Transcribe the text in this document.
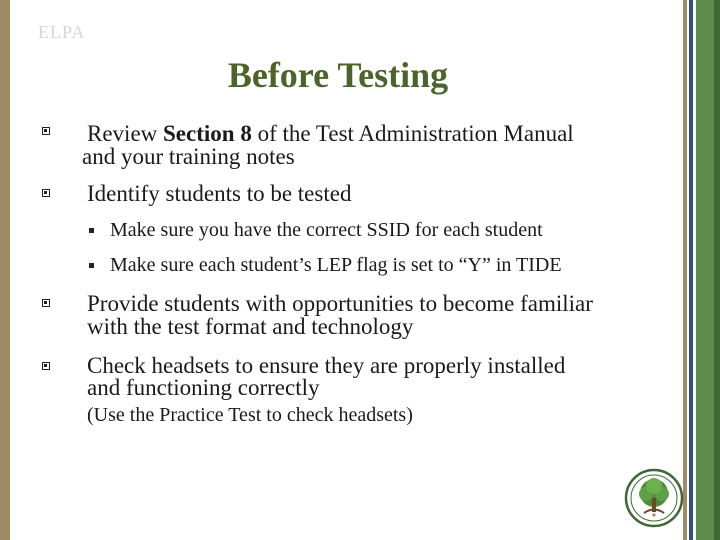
ELPA
Before Testing
Review Section 8 of the Test Administration Manual
and your training notes
Identify students to be tested
Make sure you have the correct SSID for each student
Make sure each student’s LEP flag is set to “Y” in TIDE
Provide students with opportunities to become familiar
with the test format and technology
Check headsets to ensure they are properly installed
and functioning correctly
(Use the Practice Test to check headsets)
